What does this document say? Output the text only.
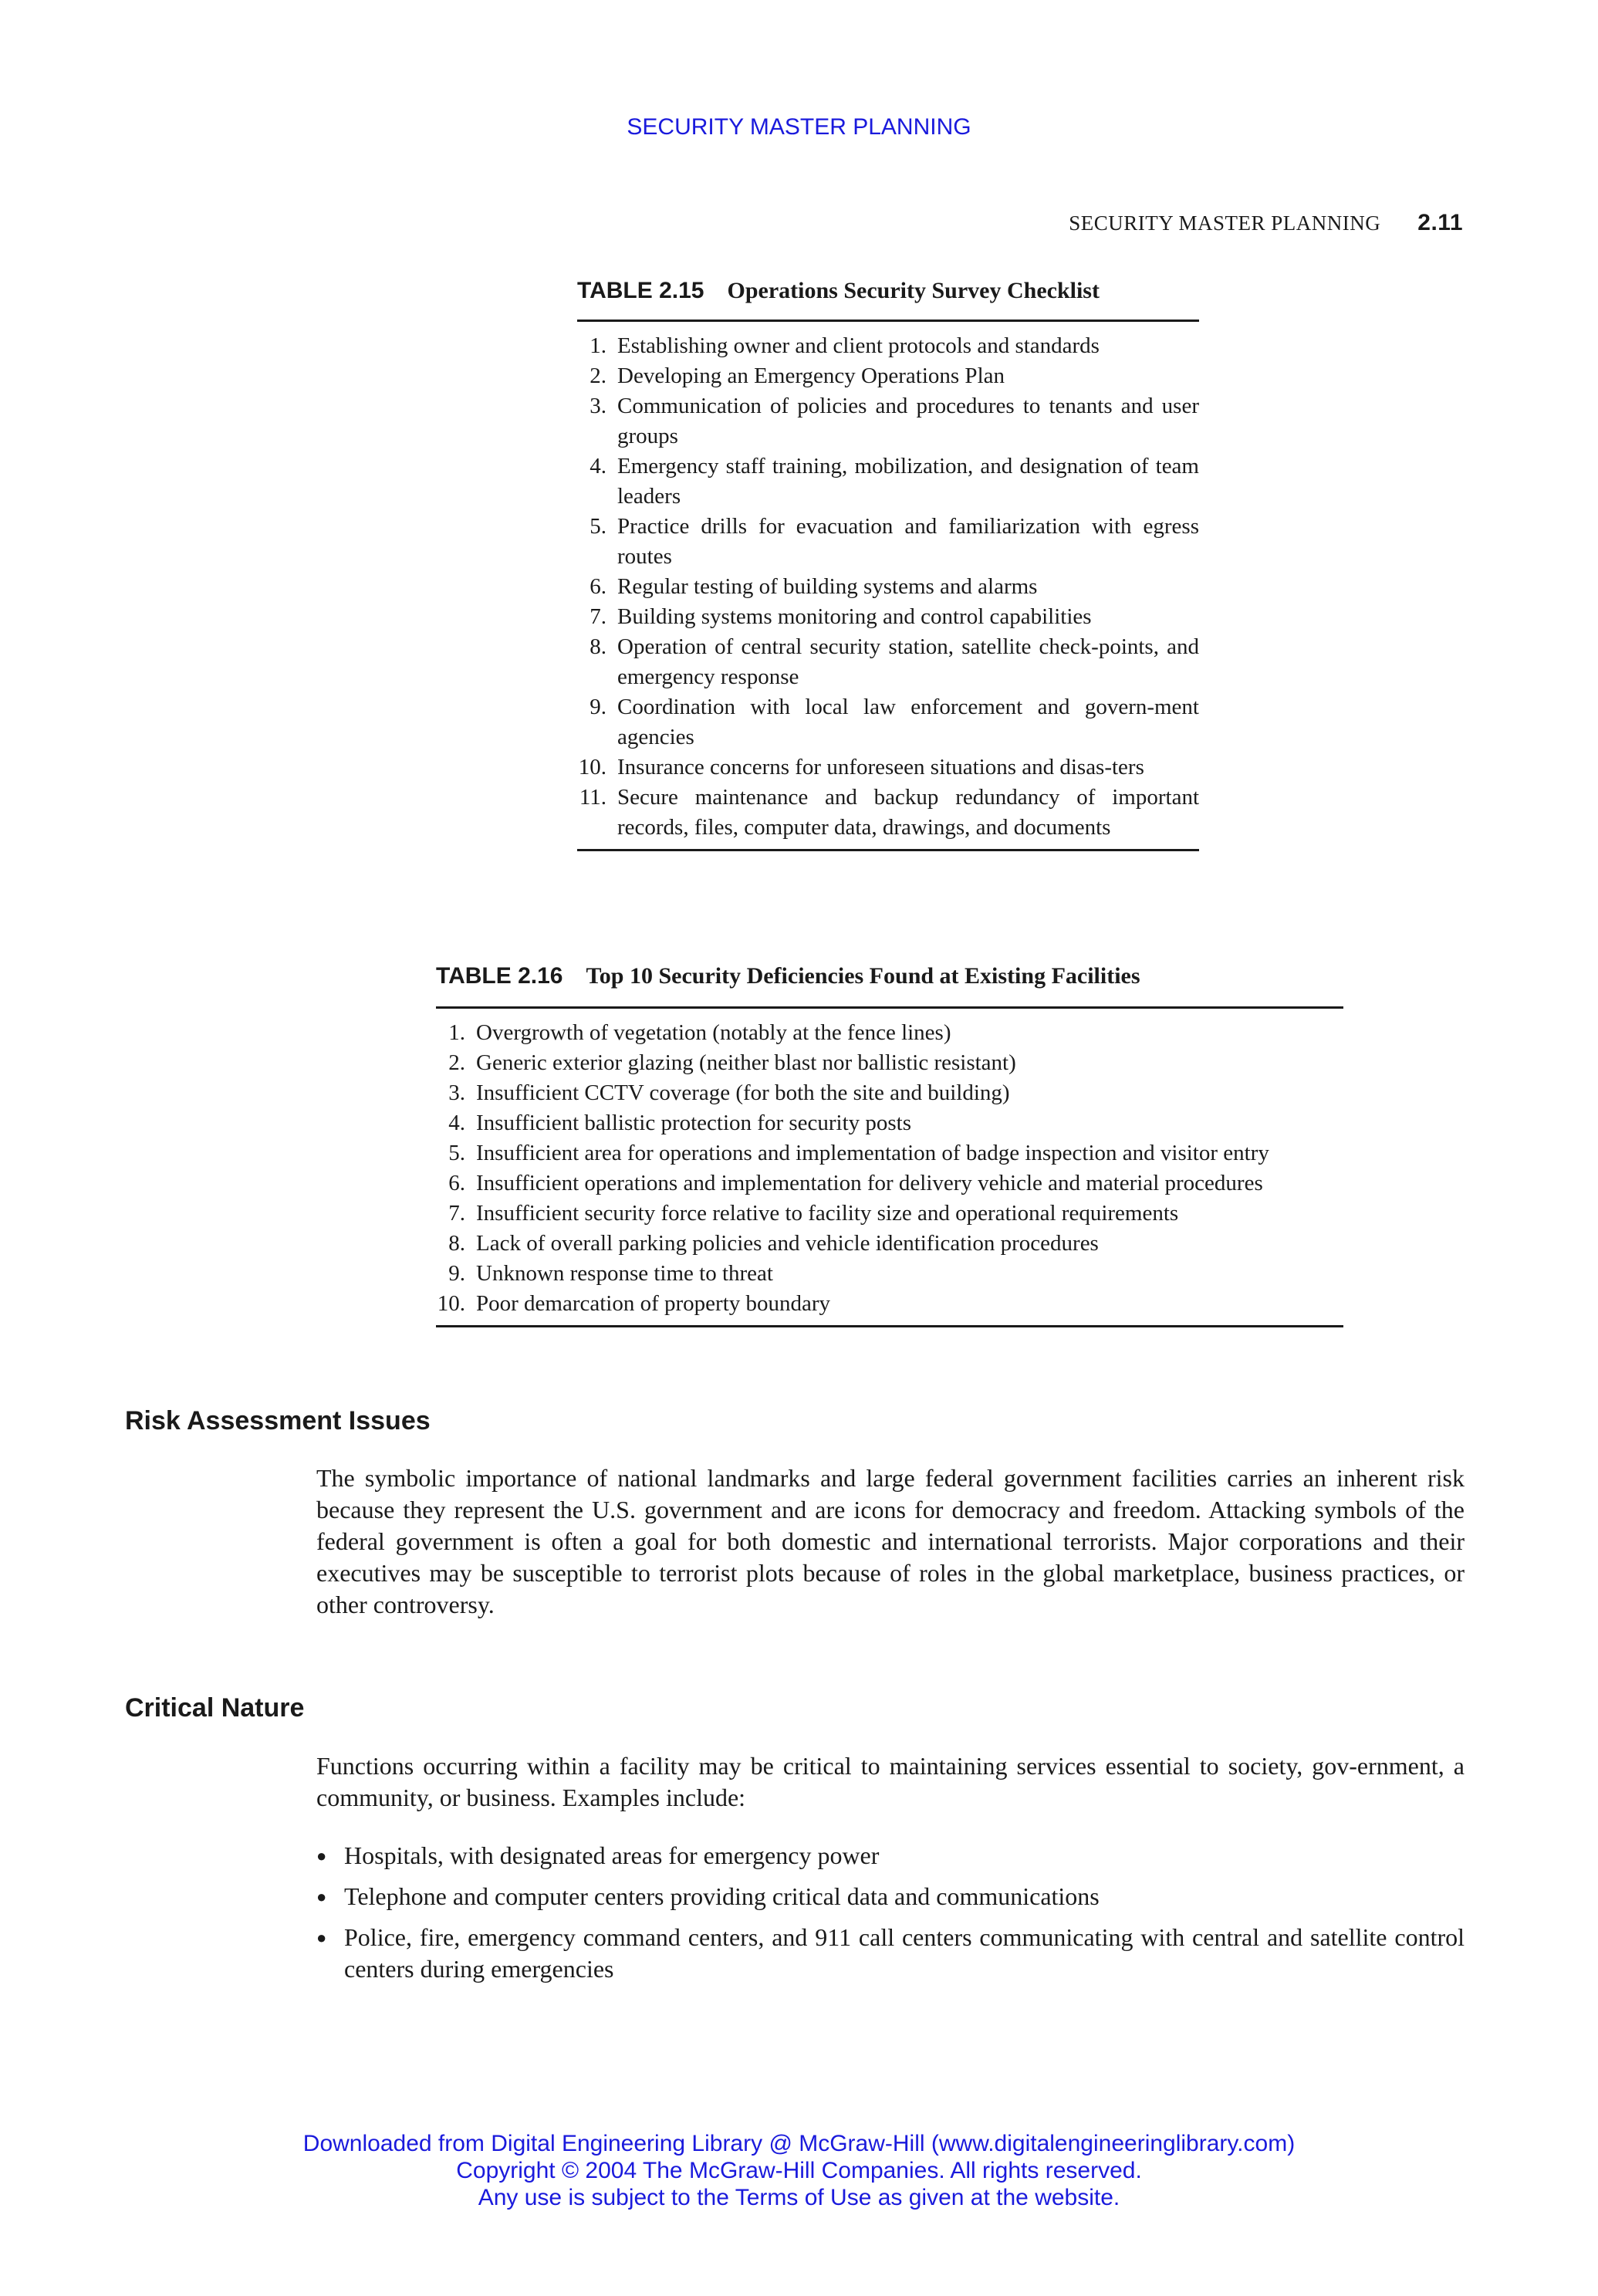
SECURITY MASTER PLANNING
SECURITY MASTER PLANNING 2.11
TABLE 2.15 Operations Security Survey Checklist
1. Establishing owner and client protocols and standards
2. Developing an Emergency Operations Plan
3. Communication of policies and procedures to tenants and user groups
4. Emergency staff training, mobilization, and designation of team leaders
5. Practice drills for evacuation and familiarization with egress routes
6. Regular testing of building systems and alarms
7. Building systems monitoring and control capabilities
8. Operation of central security station, satellite check-points, and emergency response
9. Coordination with local law enforcement and govern-ment agencies
10. Insurance concerns for unforeseen situations and disas-ters
11. Secure maintenance and backup redundancy of important records, files, computer data, drawings, and documents
TABLE 2.16 Top 10 Security Deficiencies Found at Existing Facilities
1. Overgrowth of vegetation (notably at the fence lines)
2. Generic exterior glazing (neither blast nor ballistic resistant)
3. Insufficient CCTV coverage (for both the site and building)
4. Insufficient ballistic protection for security posts
5. Insufficient area for operations and implementation of badge inspection and visitor entry
6. Insufficient operations and implementation for delivery vehicle and material procedures
7. Insufficient security force relative to facility size and operational requirements
8. Lack of overall parking policies and vehicle identification procedures
9. Unknown response time to threat
10. Poor demarcation of property boundary
Risk Assessment Issues

The symbolic importance of national landmarks and large federal government facilities carries an inherent risk because they represent the U.S. government and are icons for democracy and freedom. Attacking symbols of the federal government is often a goal for both domestic and international terrorists. Major corporations and their executives may be susceptible to terrorist plots because of roles in the global marketplace, business practices, or other controversy.

Critical Nature

Functions occurring within a facility may be critical to maintaining services essential to society, gov-ernment, a community, or business. Examples include:

● Hospitals, with designated areas for emergency power
● Telephone and computer centers providing critical data and communications
● Police, fire, emergency command centers, and 911 call centers communicating with central and satellite control centers during emergencies
Downloaded from Digital Engineering Library @ McGraw-Hill (www.digitalengineeringlibrary.com)
Copyright © 2004 The McGraw-Hill Companies. All rights reserved.
Any use is subject to the Terms of Use as given at the website.
